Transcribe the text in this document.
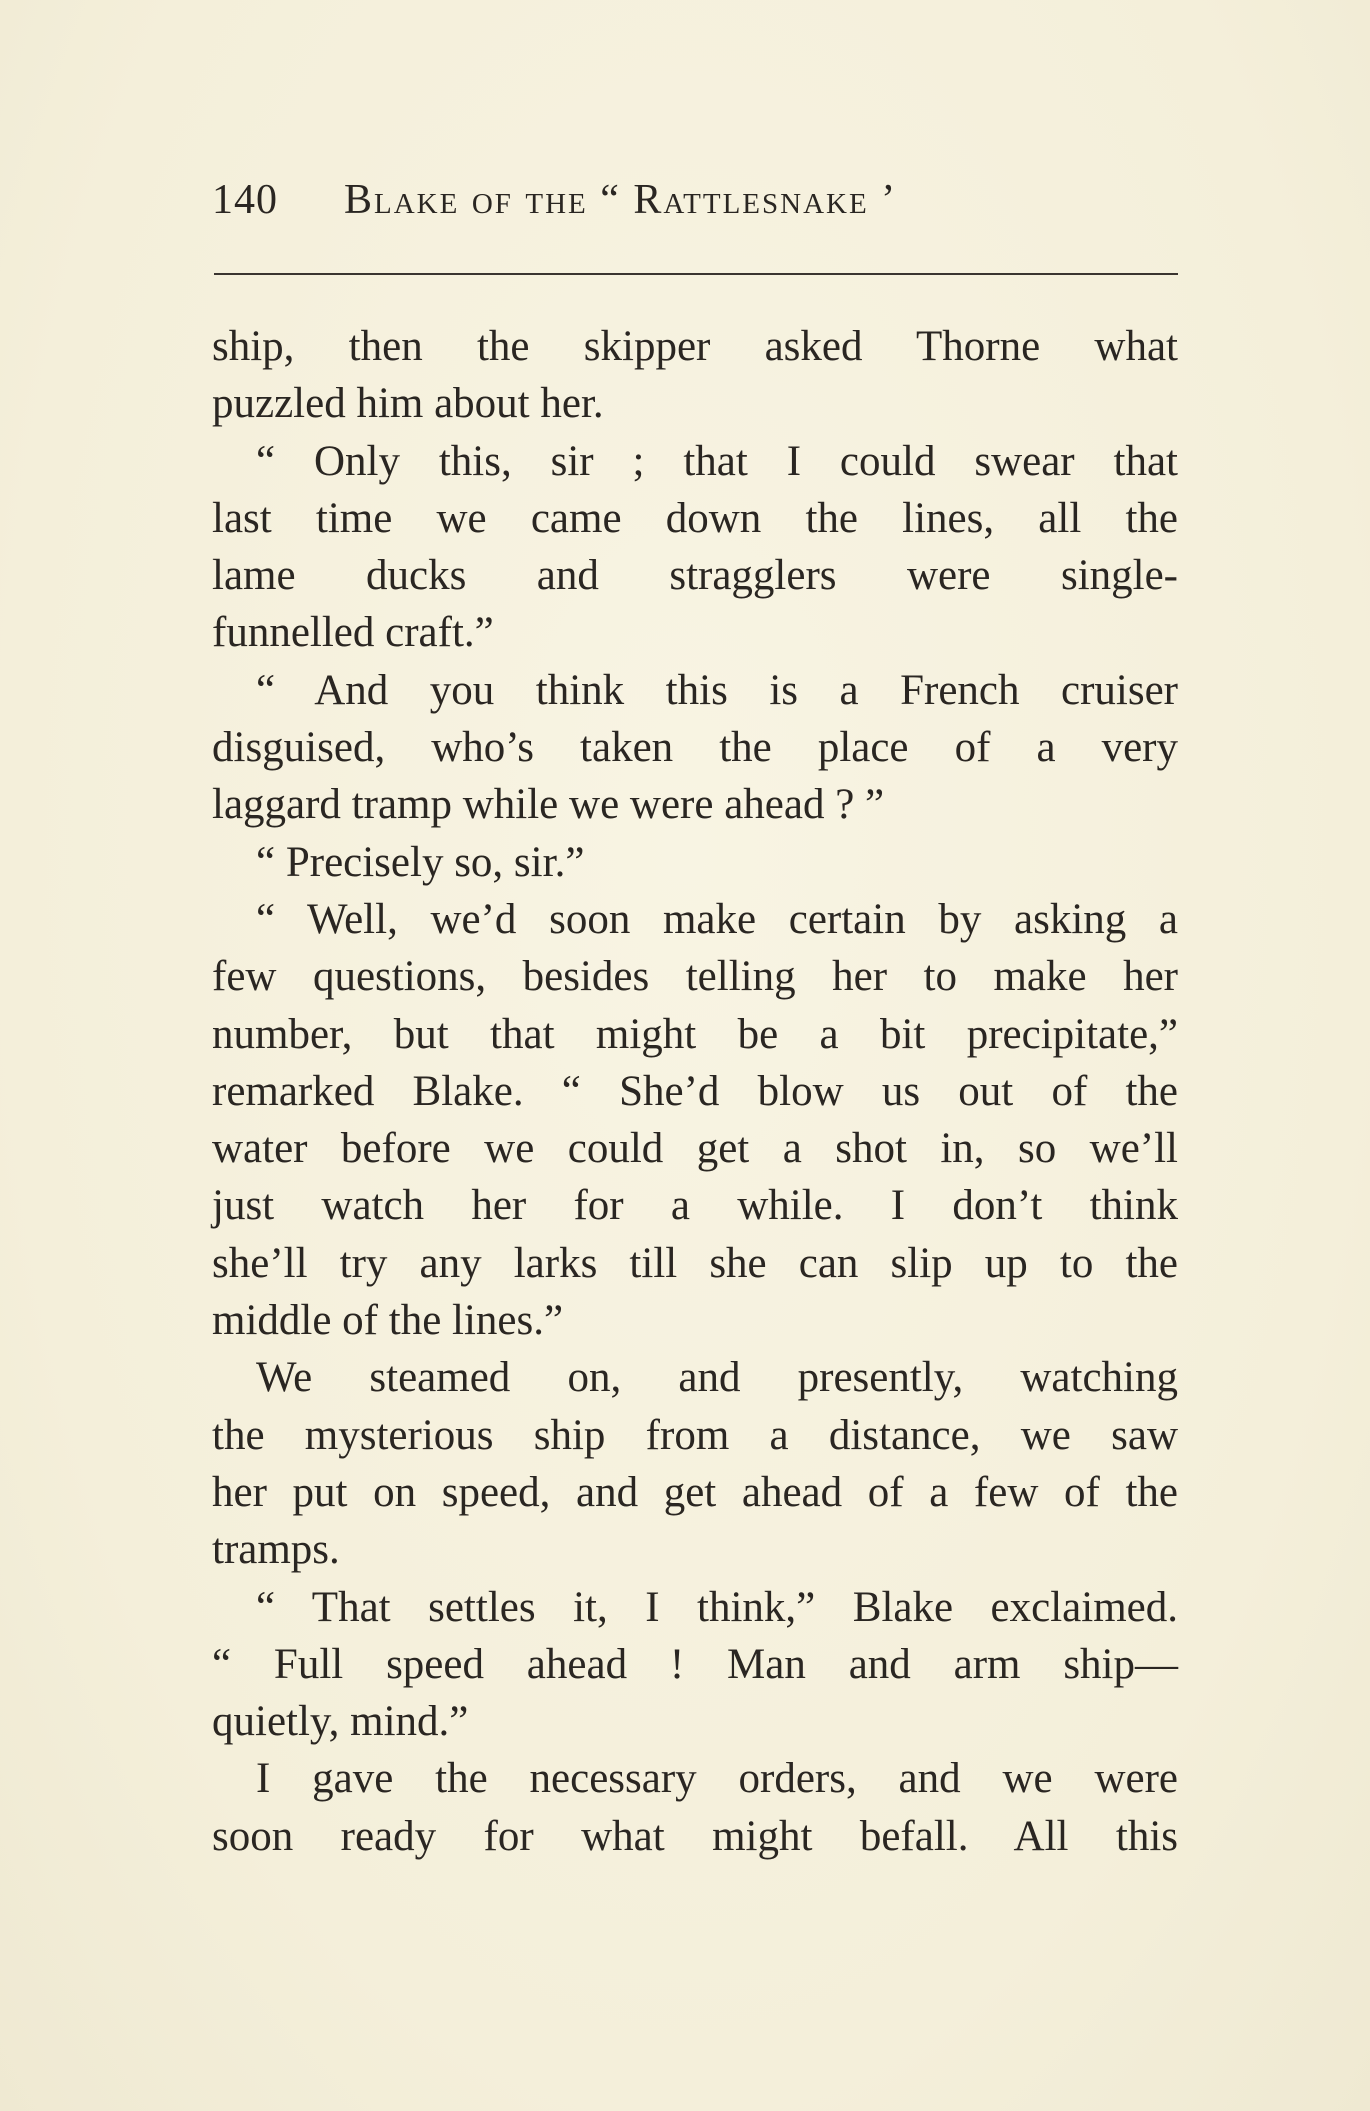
140 Blake of the “ Rattlesnake ’
ship, then the skipper asked Thorne what
puzzled him about her.
“ Only this, sir ; that I could swear that
last time we came down the lines, all the
lame ducks and stragglers were single-
funnelled craft.”
“ And you think this is a French cruiser
disguised, who’s taken the place of a very
laggard tramp while we were ahead ? ”
“ Precisely so, sir.”
“ Well, we’d soon make certain by asking a
few questions, besides telling her to make her
number, but that might be a bit precipitate,”
remarked Blake. “ She’d blow us out of the
water before we could get a shot in, so we’ll
just watch her for a while. I don’t think
she’ll try any larks till she can slip up to the
middle of the lines.”
We steamed on, and presently, watching
the mysterious ship from a distance, we saw
her put on speed, and get ahead of a few of the
tramps.
“ That settles it, I think,” Blake exclaimed.
“ Full speed ahead ! Man and arm ship—
quietly, mind.”
I gave the necessary orders, and we were
soon ready for what might befall. All this
